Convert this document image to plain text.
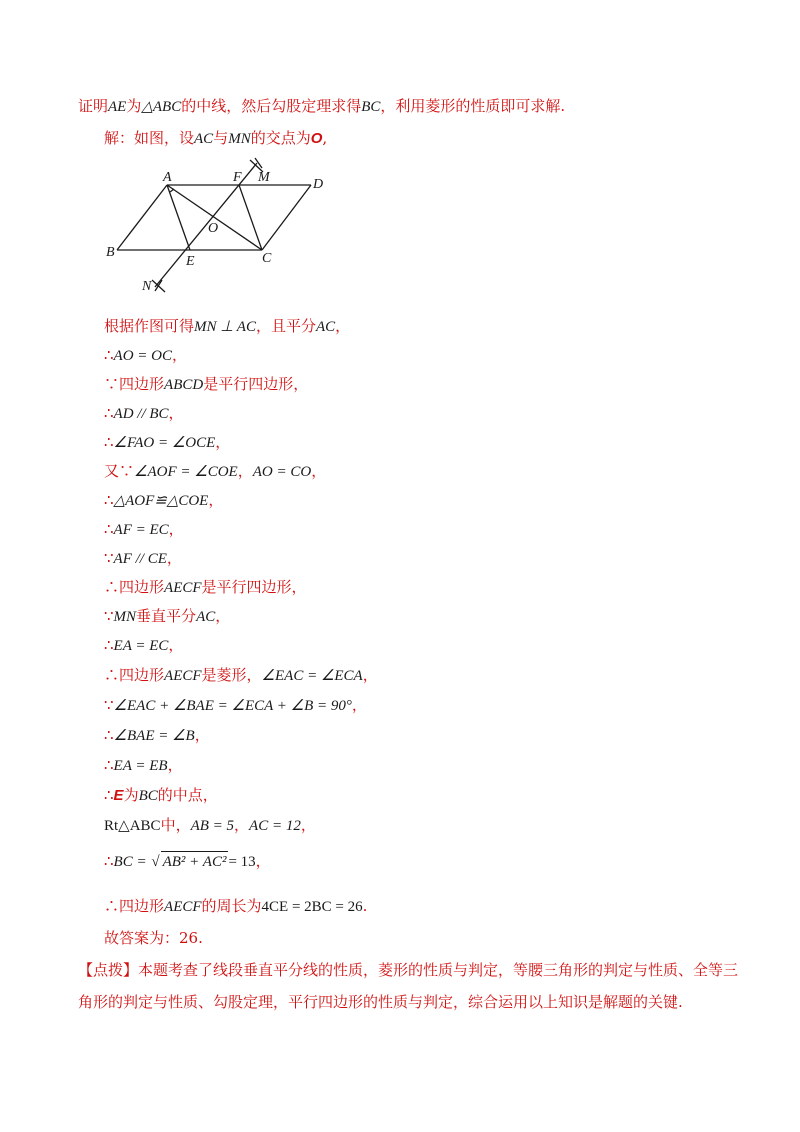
证明AE为△ABC的中线，然后勾股定理求得BC，利用菱形的性质即可求解.
解：如图，设AC与MN的交点为O,
A	F M	D
O
B
E	C
N
根据作图可得MN ⊥ AC，且平分AC，
∴AO = OC，
∵四边形ABCD是平行四边形，
∴AD // BC，
∴∠FAO = ∠OCE，
又∵∠AOF = ∠COE，AO = CO，
∴△AOF≌△COE，
∴AF = EC，
∵AF // CE，
∴四边形AECF是平行四边形，
∵MN垂直平分AC，
∴EA = EC，
∴四边形AECF是菱形，∠EAC = ∠ECA，
∵∠EAC + ∠BAE = ∠ECA + ∠B = 90°，
∴∠BAE = ∠B，
∴EA = EB，
∴E为BC的中点，
Rt△ABC中，AB = 5，AC = 12，
∴BC = √ AB² + AC² = 13，
∴四边形AECF的周长为4CE = 2BC = 26.
故答案为：26.
【点拨】本题考查了线段垂直平分线的性质，菱形的性质与判定，等腰三角形的判定与性质、全等三
角形的判定与性质、勾股定理，平行四边形的性质与判定，综合运用以上知识是解题的关键.
